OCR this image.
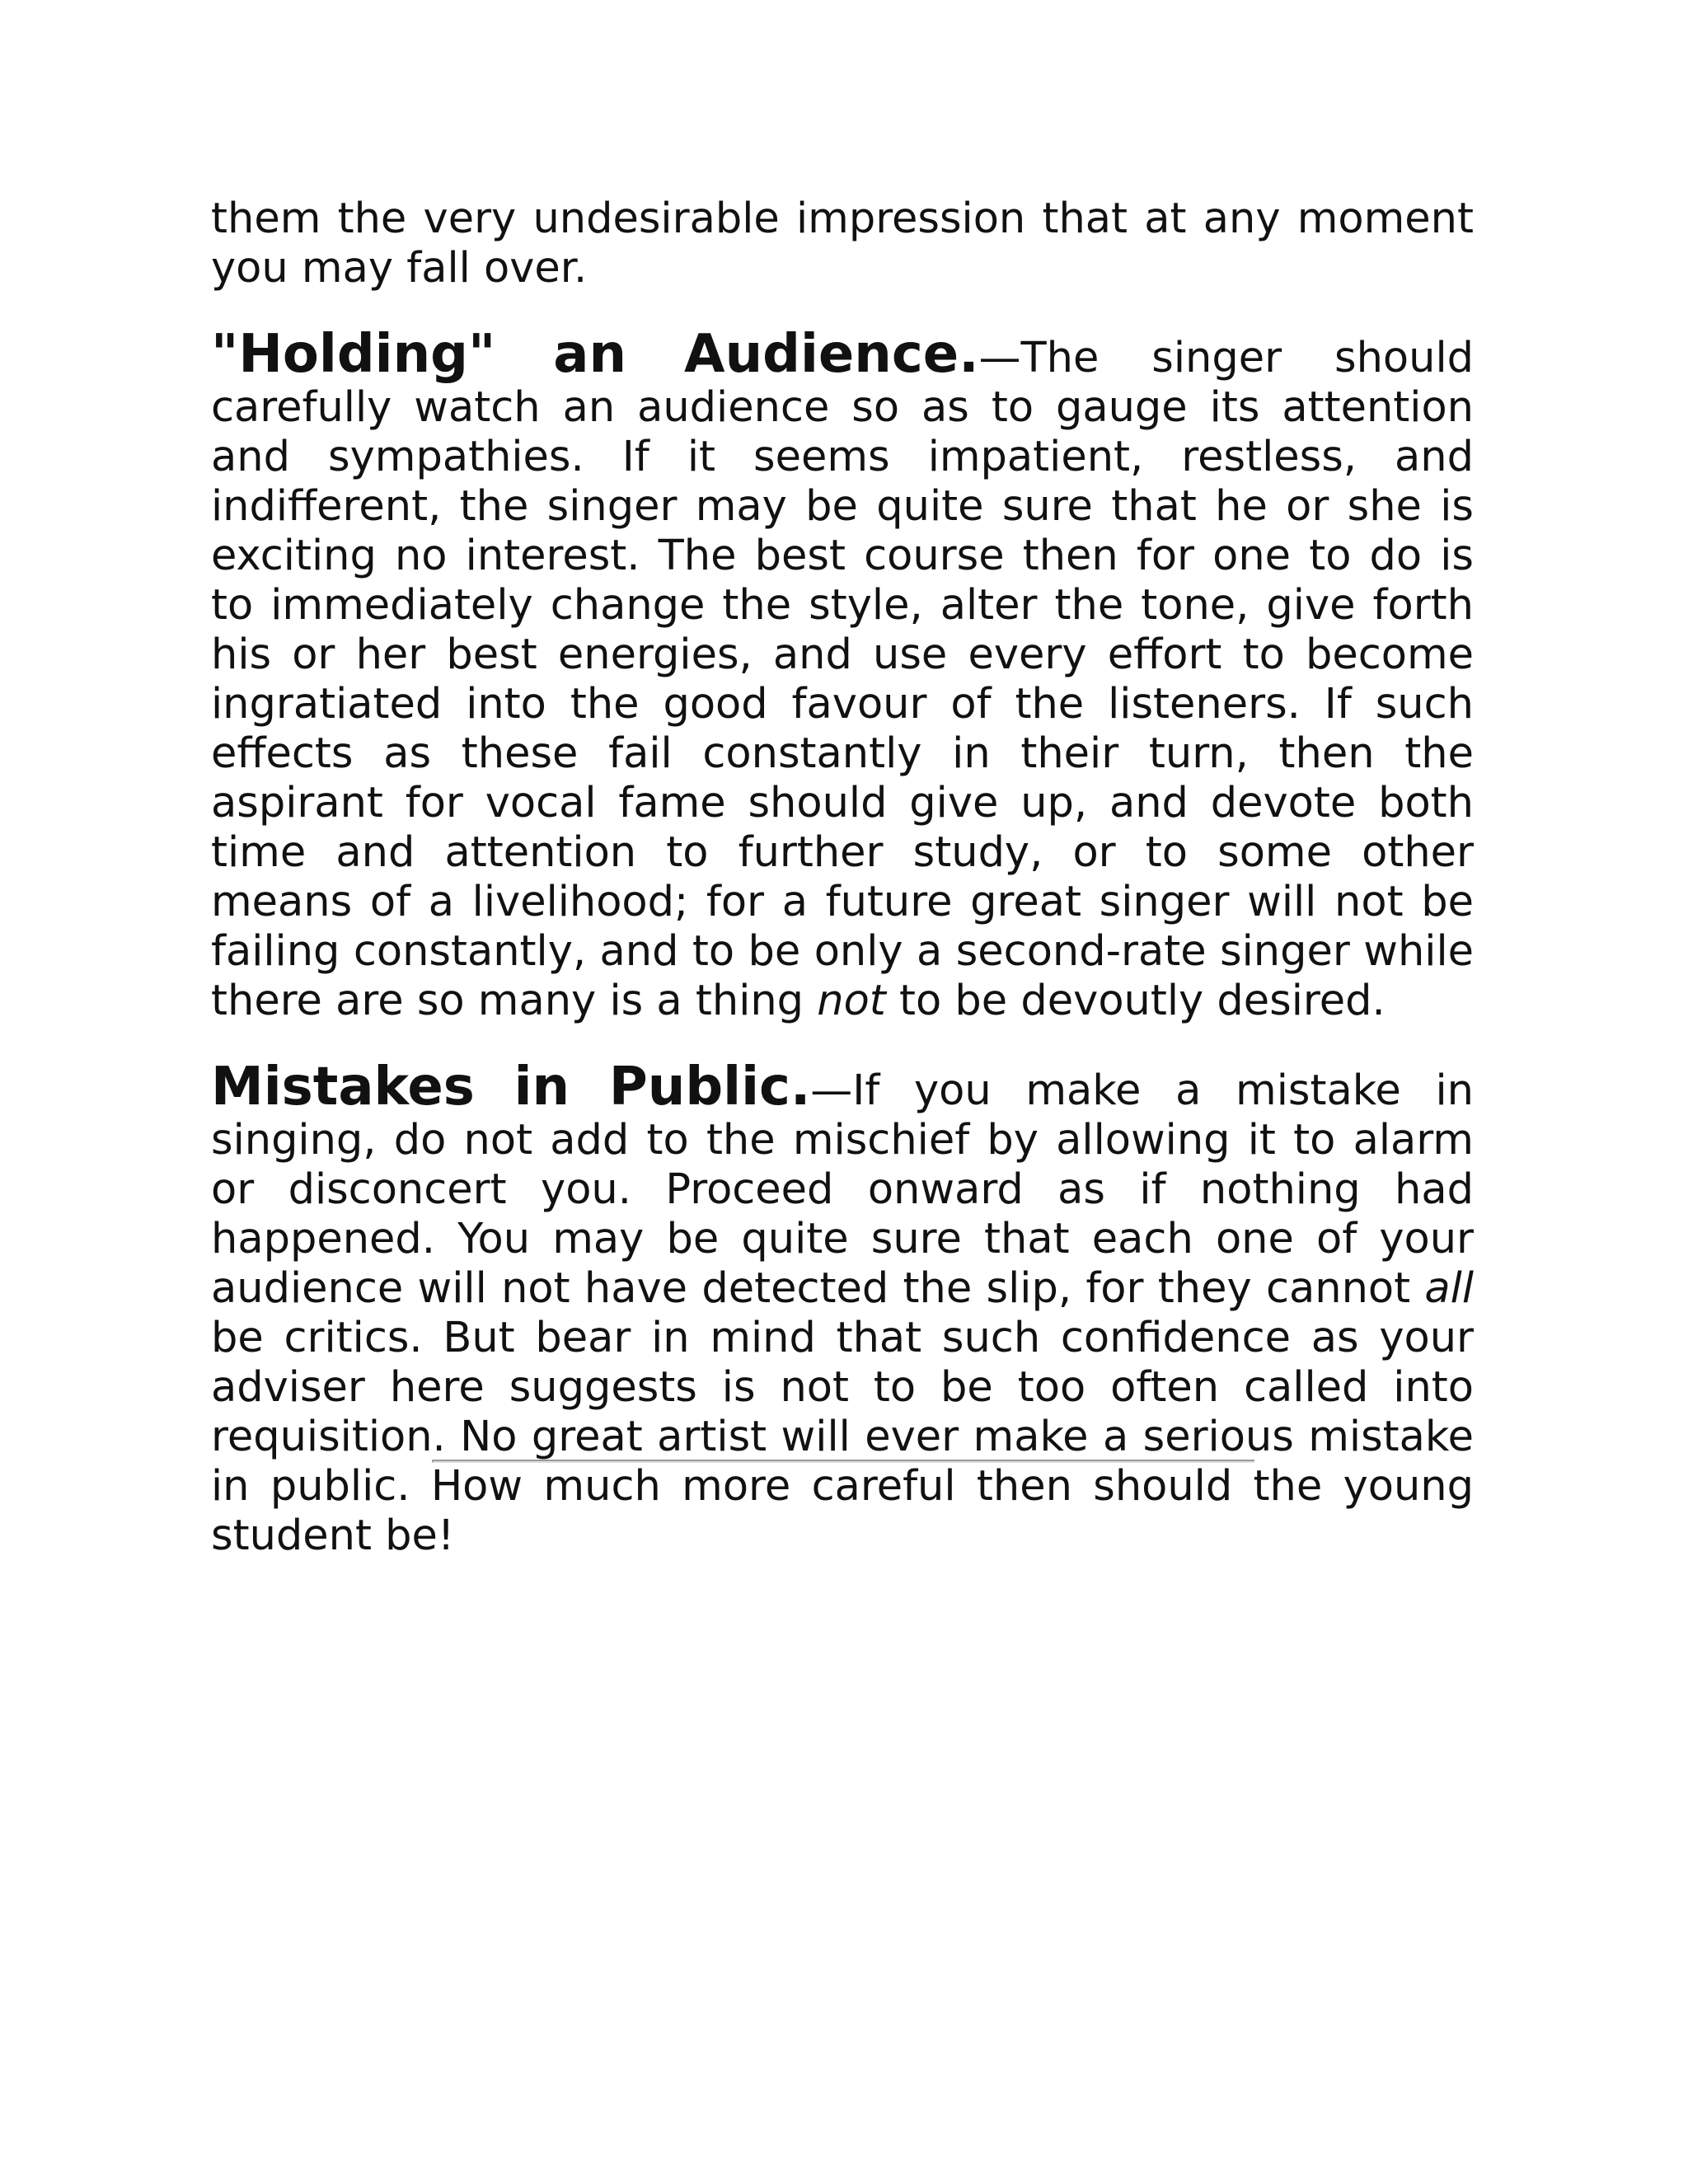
them the very undesirable impression that at any moment you may fall over.

"Holding" an Audience.—The singer should carefully watch an audience so as to gauge its attention and sympathies. If it seems impatient, restless, and indifferent, the singer may be quite sure that he or she is exciting no interest. The best course then for one to do is to immediately change the style, alter the tone, give forth his or her best energies, and use every effort to become ingratiated into the good favour of the listeners. If such effects as these fail constantly in their turn, then the aspirant for vocal fame should give up, and devote both time and attention to further study, or to some other means of a livelihood; for a future great singer will not be failing constantly, and to be only a second-rate singer while there are so many is a thing not to be devoutly desired.

Mistakes in Public.—If you make a mistake in singing, do not add to the mischief by allowing it to alarm or disconcert you. Proceed onward as if nothing had happened. You may be quite sure that each one of your audience will not have detected the slip, for they cannot all be critics. But bear in mind that such confidence as your adviser here suggests is not to be too often called into requisition. No great artist will ever make a serious mistake in public. How much more careful then should the young student be!
